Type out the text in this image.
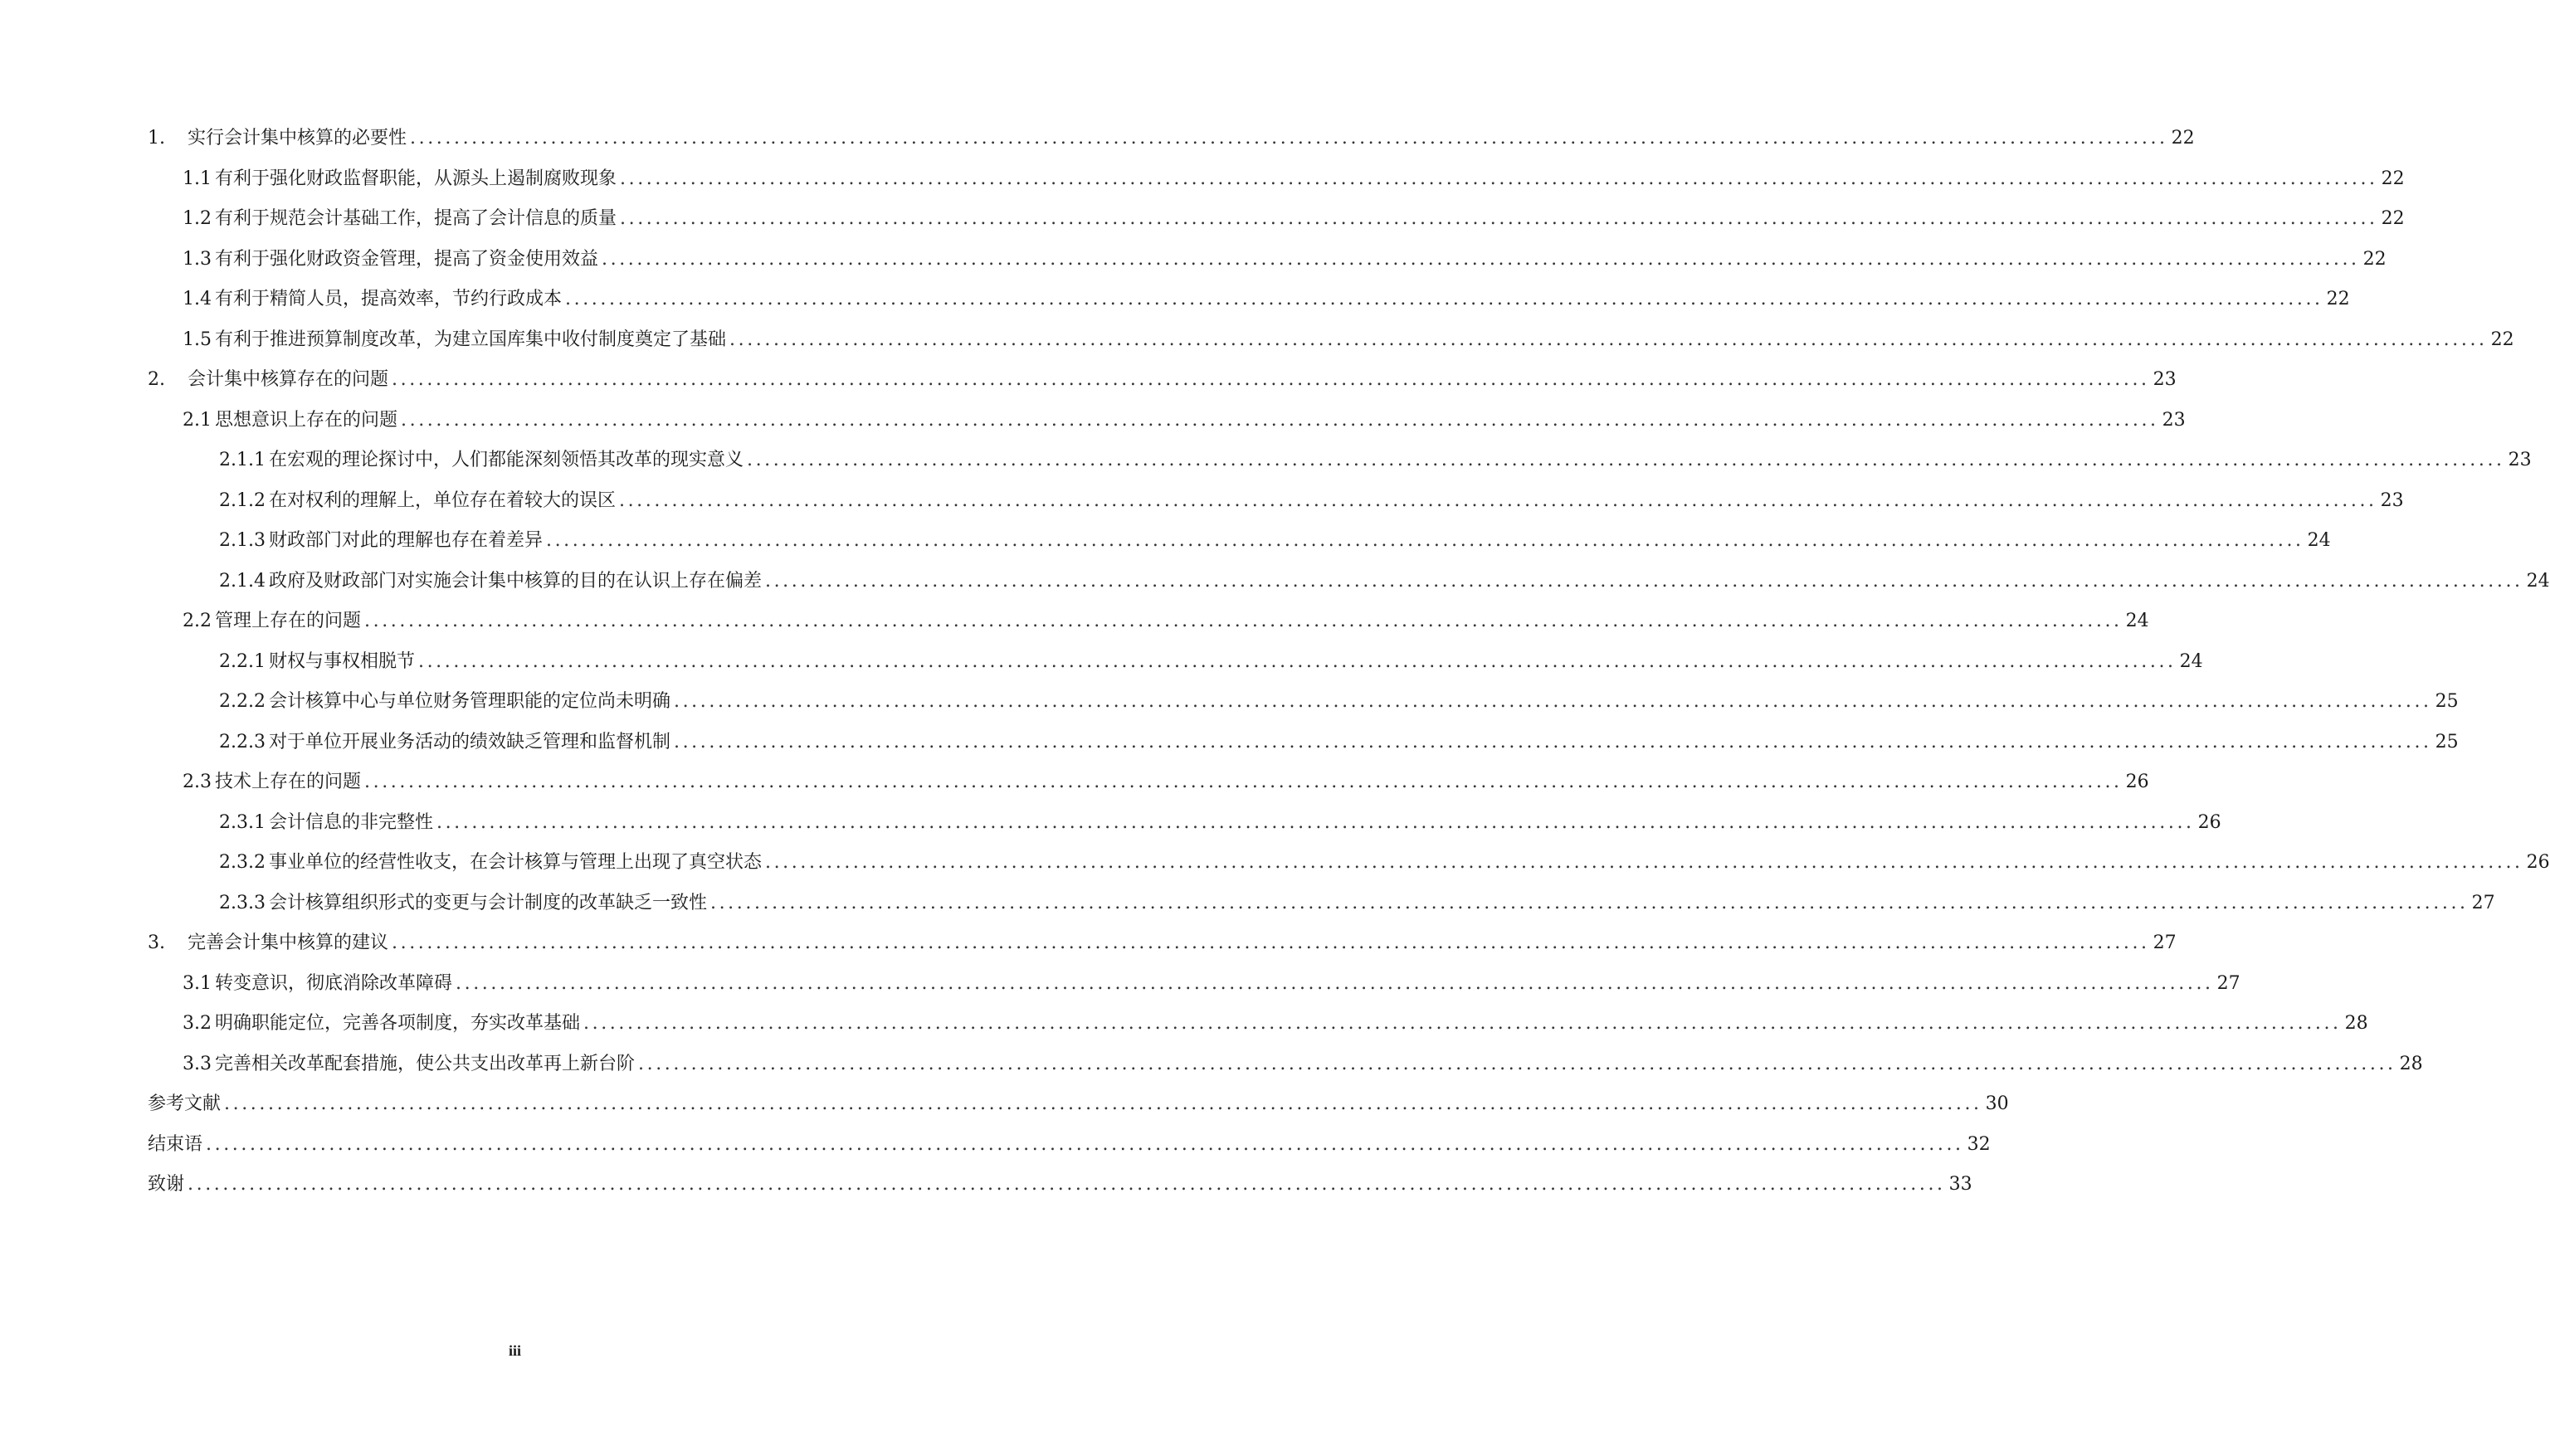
1.	实行会计集中核算的必要性 ........................................................................................................................................................................................................ 22
1.1 有利于强化财政监督职能，从源头上遏制腐败现象 ........................................................................................................................................................................................................ 22
1.2 有利于规范会计基础工作，提高了会计信息的质量 ........................................................................................................................................................................................................ 22
1.3 有利于强化财政资金管理，提高了资金使用效益 ........................................................................................................................................................................................................ 22
1.4 有利于精简人员，提高效率，节约行政成本 ........................................................................................................................................................................................................ 22
1.5 有利于推进预算制度改革，为建立国库集中收付制度奠定了基础 ........................................................................................................................................................................................................ 22
2.	会计集中核算存在的问题 ........................................................................................................................................................................................................ 23
2.1 思想意识上存在的问题 ........................................................................................................................................................................................................ 23
2.1.1 在宏观的理论探讨中，人们都能深刻领悟其改革的现实意义 ........................................................................................................................................................................................................ 23
2.1.2 在对权利的理解上，单位存在着较大的误区 ........................................................................................................................................................................................................ 23
2.1.3 财政部门对此的理解也存在着差异 ........................................................................................................................................................................................................ 24
2.1.4 政府及财政部门对实施会计集中核算的目的在认识上存在偏差 ........................................................................................................................................................................................................ 24
2.2 管理上存在的问题 ........................................................................................................................................................................................................ 24
2.2.1 财权与事权相脱节 ........................................................................................................................................................................................................ 24
2.2.2 会计核算中心与单位财务管理职能的定位尚未明确 ........................................................................................................................................................................................................ 25
2.2.3 对于单位开展业务活动的绩效缺乏管理和监督机制 ........................................................................................................................................................................................................ 25
2.3 技术上存在的问题 ........................................................................................................................................................................................................ 26
2.3.1 会计信息的非完整性 ........................................................................................................................................................................................................ 26
2.3.2 事业单位的经营性收支，在会计核算与管理上出现了真空状态 ........................................................................................................................................................................................................ 26
2.3.3 会计核算组织形式的变更与会计制度的改革缺乏一致性 ........................................................................................................................................................................................................ 27
3.	完善会计集中核算的建议 ........................................................................................................................................................................................................ 27
3.1 转变意识，彻底消除改革障碍 ........................................................................................................................................................................................................ 27
3.2 明确职能定位，完善各项制度，夯实改革基础 ........................................................................................................................................................................................................ 28
3.3 完善相关改革配套措施，使公共支出改革再上新台阶 ........................................................................................................................................................................................................ 28
参考文献 ........................................................................................................................................................................................................ 30
结束语 ........................................................................................................................................................................................................ 32
致谢 ........................................................................................................................................................................................................ 33
iii
